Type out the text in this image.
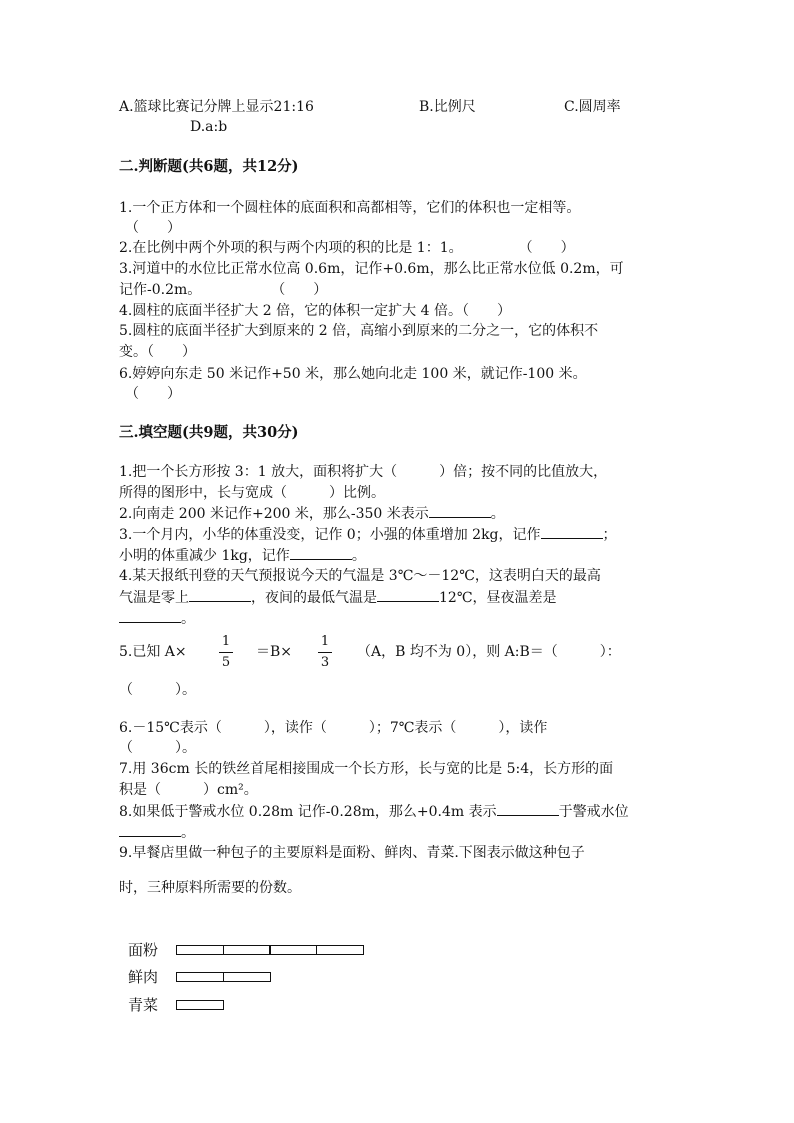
A.篮球比赛记分牌上显示21:16	B.比例尺	C.圆周率
D.a:b
二.判断题(共6题，共12分)
1.一个正方体和一个圆柱体的底面积和高都相等，它们的体积也一定相等。
（　　）
2.在比例中两个外项的积与两个内项的积的比是 1：1。　　　　　（　　）
3.河道中的水位比正常水位高 0.6m，记作+0.6m，那么比正常水位低 0.2m，可
记作-0.2m。　　　　　　（　　）
4.圆柱的底面半径扩大 2 倍，它的体积一定扩大 4 倍。（　　）
5.圆柱的底面半径扩大到原来的 2 倍，高缩小到原来的二分之一，它的体积不
变。（　　）
6.婷婷向东走 50 米记作+50 米，那么她向北走 100 米，就记作-100 米。
（　　）
三.填空题(共9题，共30分)
1.把一个长方形按 3：1 放大，面积将扩大（　　　）倍；按不同的比值放大，
所得的图形中，长与宽成（　　　）比例。
2.向南走 200 米记作+200 米，那么-350 米表示	。
3.一个月内，小华的体重没变，记作 0；小强的体重增加 2kg，记作	；
小明的体重减少 1kg，记作	。
4.某天报纸刊登的天气预报说今天的气温是 3℃～－12℃，这表明白天的最高
气温是零上	，夜间的最低气温是	12℃，昼夜温差是
。
5.已知 A×
1
5
＝B×
1
3
（A，B 均不为 0），则 A:B＝（　　　）：
（　　　）。
6.－15℃表示（　　　），读作（　　　）；7℃表示（　　　），读作
（　　　）。
7.用 36cm 长的铁丝首尾相接围成一个长方形，长与宽的比是 5:4，长方形的面
积是（　　　）cm²。
8.如果低于警戒水位 0.28m 记作-0.28m，那么+0.4m 表示	于警戒水位
。
9.早餐店里做一种包子的主要原料是面粉、鲜肉、青菜.下图表示做这种包子
时，三种原料所需要的份数。
面粉
鲜肉
青菜
